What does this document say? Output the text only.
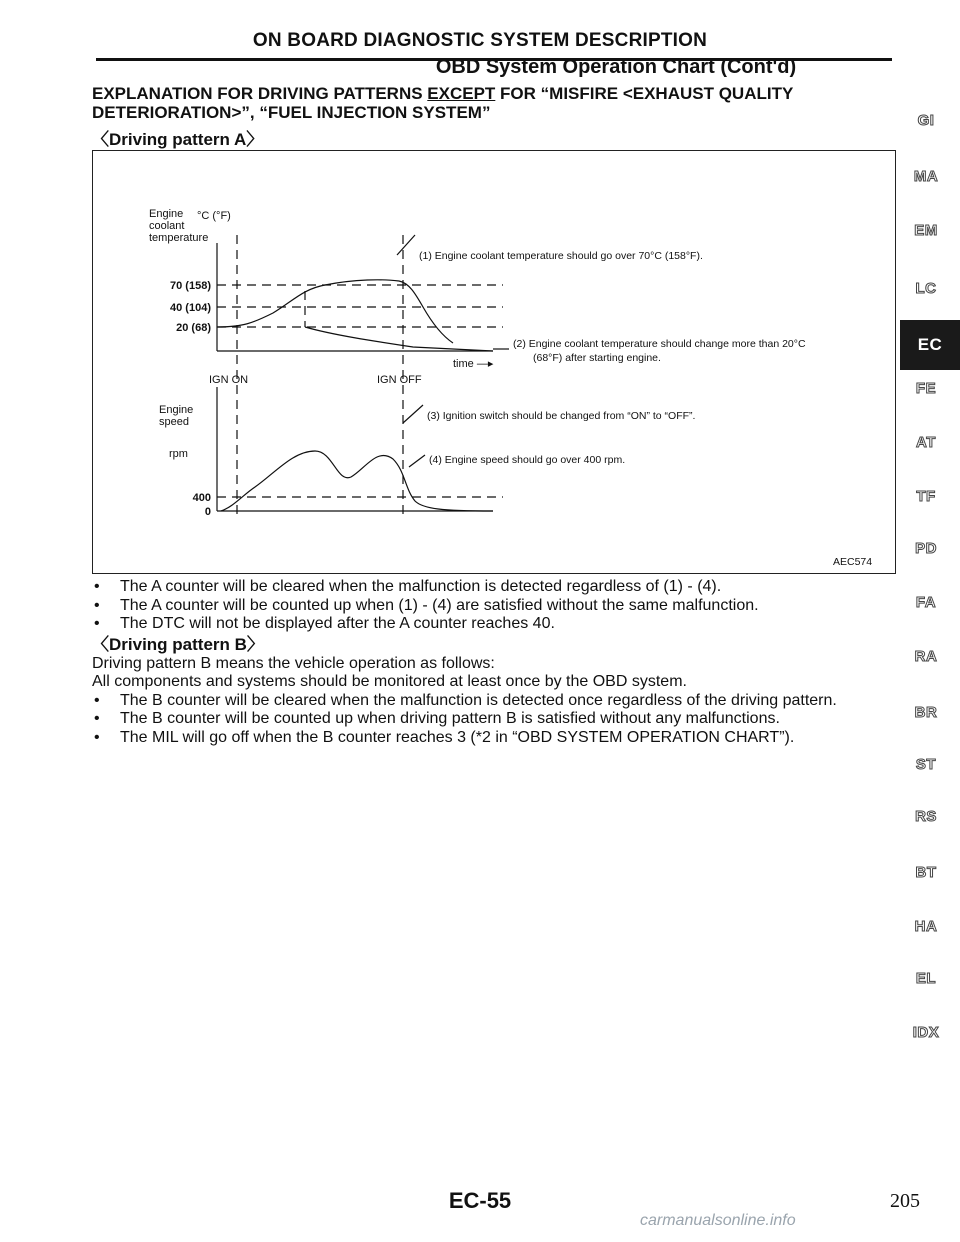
ON BOARD DIAGNOSTIC SYSTEM DESCRIPTION
OBD System Operation Chart (Cont'd)
EXPLANATION FOR DRIVING PATTERNS EXCEPT FOR “MISFIRE <EXHAUST QUALITY
DETERIORATION>”, “FUEL INJECTION SYSTEM”
〈Driving pattern A〉
Engine
coolant
temperature
°C (°F)
70 (158)
40 (104)
20 (68)
IGN ON	IGN OFF
time —▸
Engine
speed
rpm
400
0
(1) Engine coolant temperature should go over 70°C (158°F).
(2) Engine coolant temperature should change more than 20°C
(68°F) after starting engine.
(3) Ignition switch should be changed from “ON” to “OFF”.
(4) Engine speed should go over 400 rpm.
AEC574
• The A counter will be cleared when the malfunction is detected regardless of (1) - (4).
• The A counter will be counted up when (1) - (4) are satisfied without the same malfunction.
• The DTC will not be displayed after the A counter reaches 40.
〈Driving pattern B〉
Driving pattern B means the vehicle operation as follows:
All components and systems should be monitored at least once by the OBD system.
• The B counter will be cleared when the malfunction is detected once regardless of the driving pattern.
• The B counter will be counted up when driving pattern B is satisfied without any malfunctions.
• The MIL will go off when the B counter reaches 3 (*2 in “OBD SYSTEM OPERATION CHART”).
GI
MA
EM
LC
EC
FE
AT
TF
PD
FA
RA
BR
ST
RS
BT
HA
EL
IDX
EC-55	205
carmanualsonline.info
